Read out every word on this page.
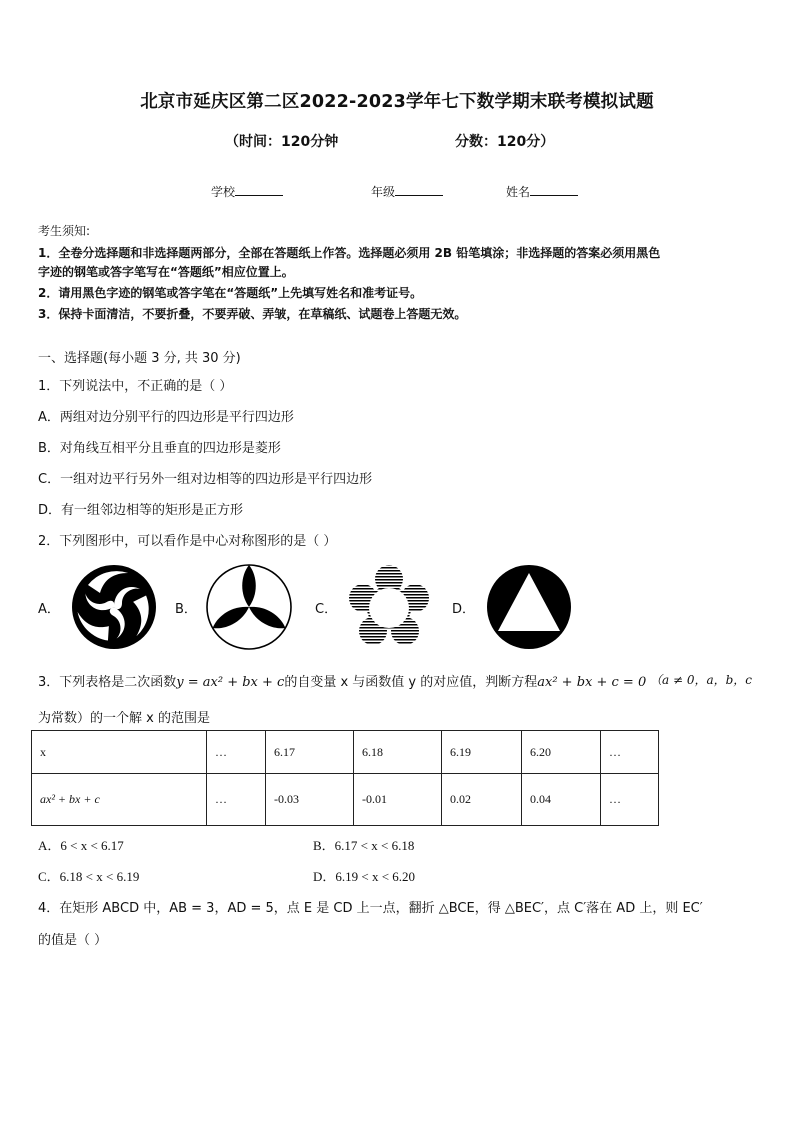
北京市延庆区第二区2022-2023学年七下数学期末联考模拟试题
（时间：120分钟	分数：120分）
学校	年级	姓名
考生须知:
1．全卷分选择题和非选择题两部分，全部在答题纸上作答。选择题必须用 2B 铅笔填涂；非选择题的答案必须用黑色
字迹的钢笔或答字笔写在“答题纸”相应位置上。
2．请用黑色字迹的钢笔或答字笔在“答题纸”上先填写姓名和准考证号。
3．保持卡面清洁，不要折叠，不要弄破、弄皱，在草稿纸、试题卷上答题无效。
一、选择题(每小题 3 分, 共 30 分)
1．下列说法中，不正确的是（ ）
A．两组对边分别平行的四边形是平行四边形
B．对角线互相平分且垂直的四边形是菱形
C．一组对边平行另外一组对边相等的四边形是平行四边形
D．有一组邻边相等的矩形是正方形
2．下列图形中，可以看作是中心对称图形的是（ ）
A．	B．	C．	D．
3．下列表格是二次函数y = ax² + bx + c的自变量 x 与函数值 y 的对应值，判断方程ax² + bx + c = 0 （a ≠ 0，a，b，c
为常数）的一个解 x 的范围是
x	…	6.17	6.18	6.19	6.20	…
ax² + bx + c	…	-0.03	-0.01	0.02	0.04	…
A．6 < x < 6.17	B．6.17 < x < 6.18
C．6.18 < x < 6.19	D．6.19 < x < 6.20
4．在矩形 ABCD 中，AB = 3，AD = 5，点 E 是 CD 上一点，翻折 △BCE，得 △BEC′，点 C′落在 AD 上，则 EC′
的值是（ ）
